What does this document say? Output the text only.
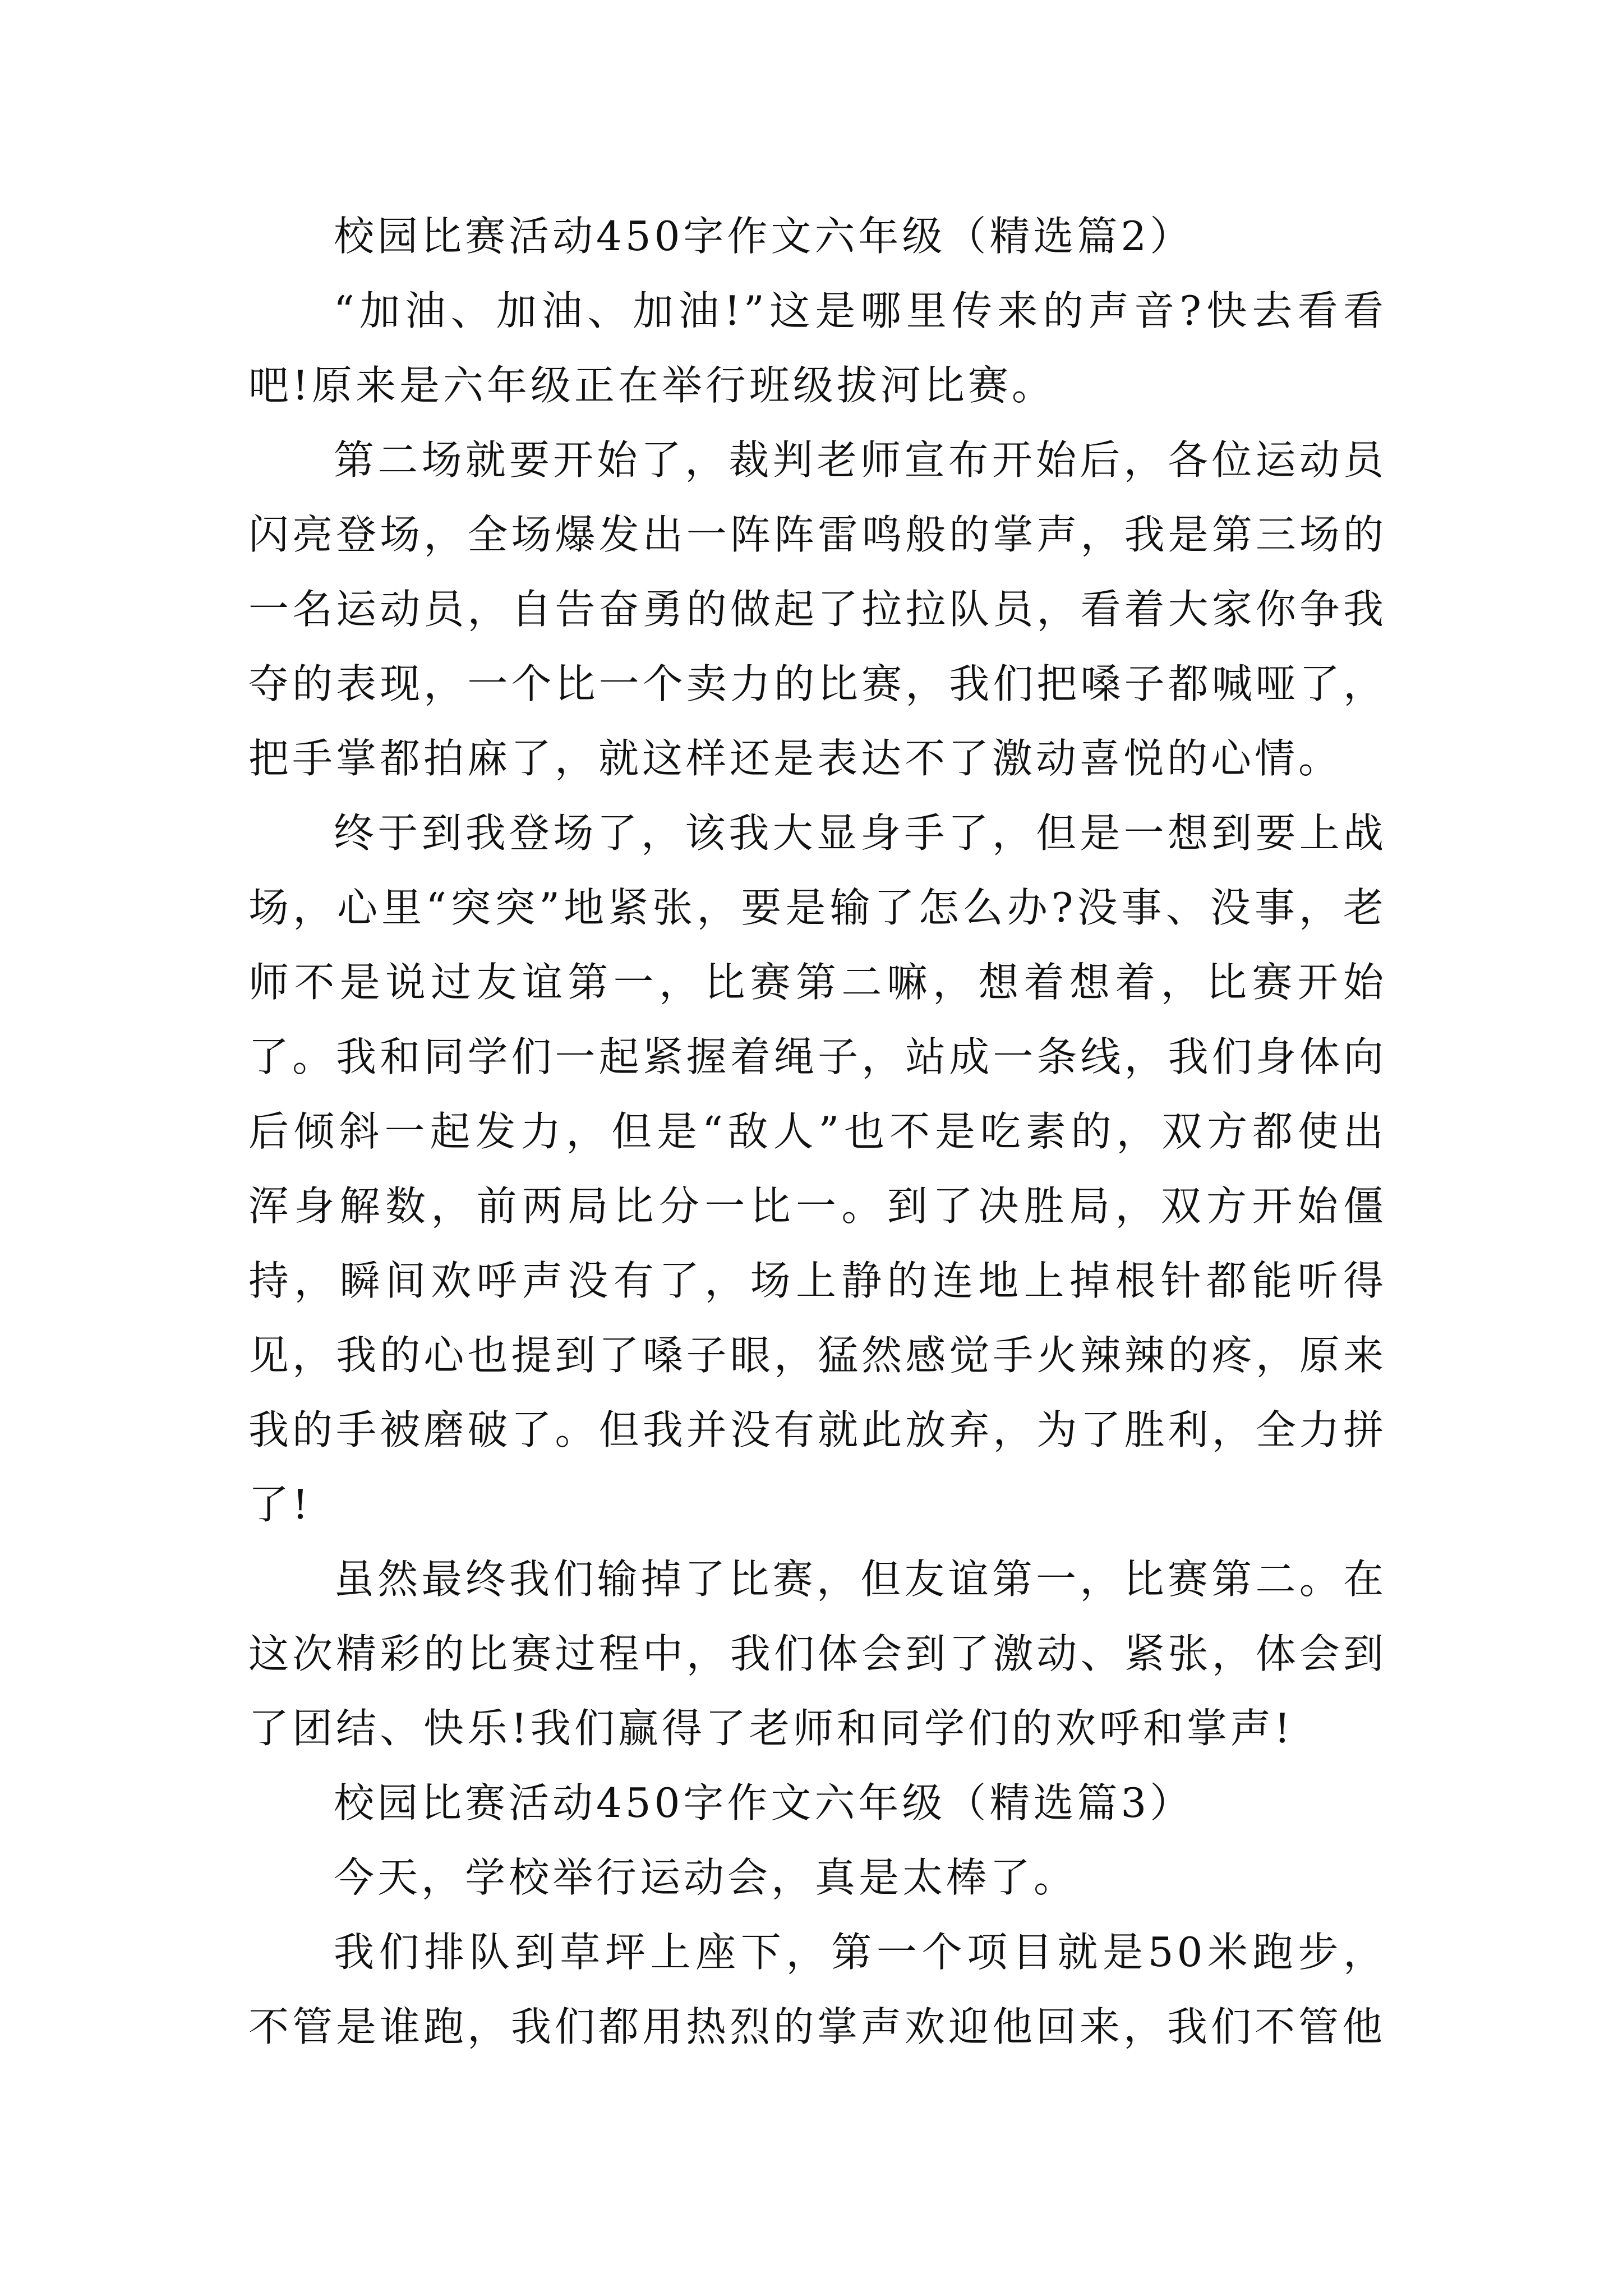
校园比赛活动450字作文六年级（精选篇2）

“加油、加油、加油!”这是哪里传来的声音?快去看看吧!原来是六年级正在举行班级拔河比赛。

第二场就要开始了，裁判老师宣布开始后，各位运动员闪亮登场，全场爆发出一阵阵雷鸣般的掌声，我是第三场的一名运动员，自告奋勇的做起了拉拉队员，看着大家你争我夺的表现，一个比一个卖力的比赛，我们把嗓子都喊哑了，把手掌都拍麻了，就这样还是表达不了激动喜悦的心情。

终于到我登场了，该我大显身手了，但是一想到要上战场，心里“突突”地紧张，要是输了怎么办?没事、没事，老师不是说过友谊第一，比赛第二嘛，想着想着，比赛开始了。我和同学们一起紧握着绳子，站成一条线，我们身体向后倾斜一起发力，但是“敌人”也不是吃素的，双方都使出浑身解数，前两局比分一比一。到了决胜局，双方开始僵持，瞬间欢呼声没有了，场上静的连地上掉根针都能听得见，我的心也提到了嗓子眼，猛然感觉手火辣辣的疼，原来我的手被磨破了。但我并没有就此放弃，为了胜利，全力拼了!

虽然最终我们输掉了比赛，但友谊第一，比赛第二。在这次精彩的比赛过程中，我们体会到了激动、紧张，体会到了团结、快乐!我们赢得了老师和同学们的欢呼和掌声!

校园比赛活动450字作文六年级（精选篇3）

今天，学校举行运动会，真是太棒了。

我们排队到草坪上座下，第一个项目就是50米跑步，不管是谁跑，我们都用热烈的掌声欢迎他回来，我们不管他
